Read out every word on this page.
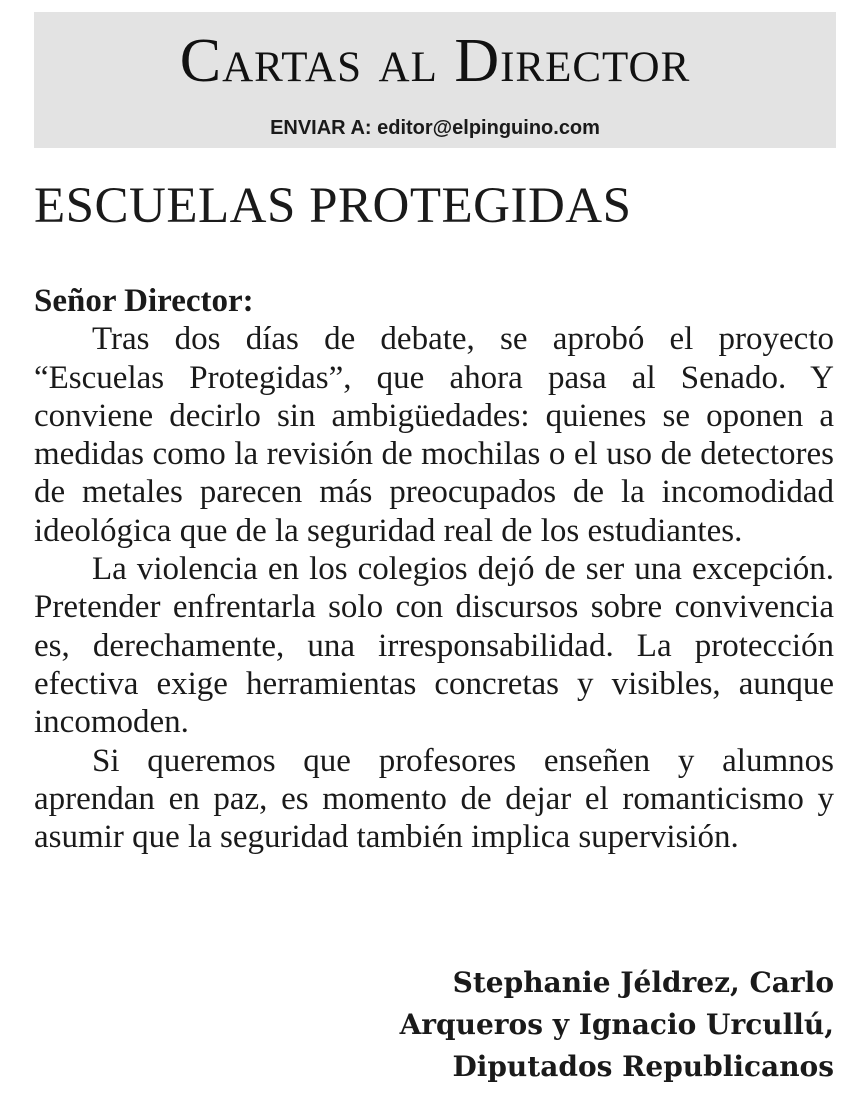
Cartas al Director
ENVIAR A: editor@elpinguino.com
ESCUELAS PROTEGIDAS

Señor Director:

Tras dos días de debate, se aprobó el proyecto “Escuelas Protegidas”, que ahora pasa al Senado. Y conviene decirlo sin ambigüedades: quienes se oponen a medidas como la revisión de mochilas o el uso de detectores de metales parecen más preocupados de la incomodidad ideológica que de la seguridad real de los estudiantes.

La violencia en los colegios dejó de ser una excepción. Pretender enfrentarla solo con discursos sobre convivencia es, derechamente, una irresponsabilidad. La protección efectiva exige herramientas concretas y visibles, aunque incomoden.

Si queremos que profesores enseñen y alumnos aprendan en paz, es momento de dejar el romanticismo y asumir que la seguridad también implica supervisión.

Stephanie Jéldrez, Carlo
Arqueros y Ignacio Urcullú,
Diputados Republicanos
